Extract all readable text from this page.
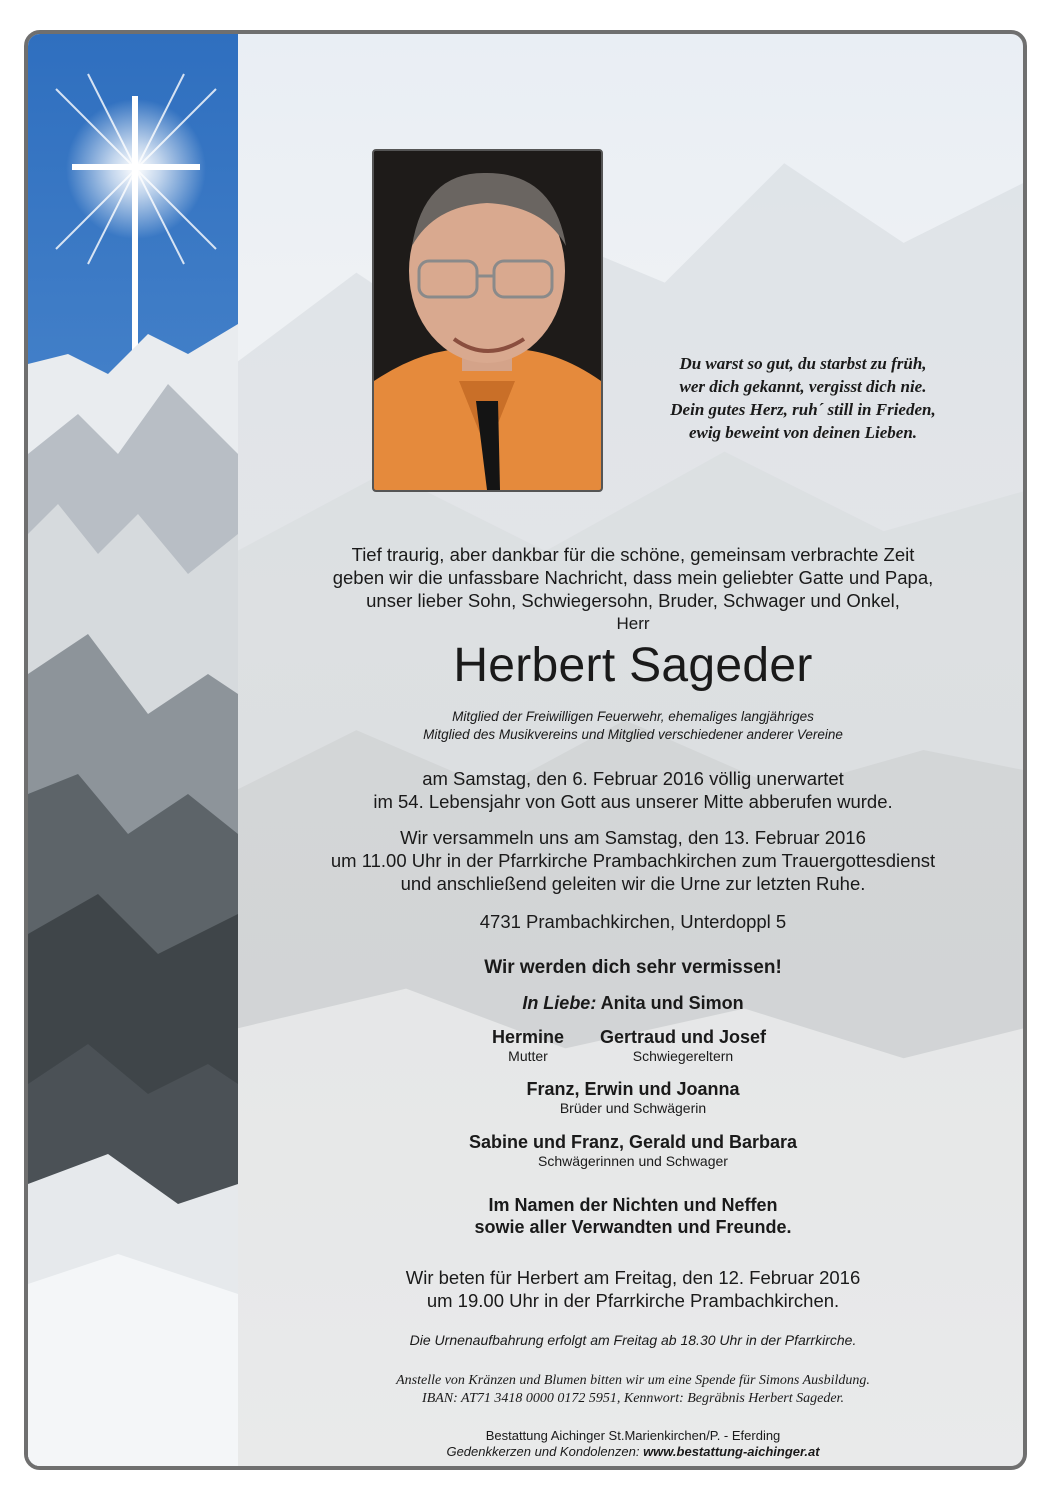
Du warst so gut, du starbst zu früh,
wer dich gekannt, vergisst dich nie.
Dein gutes Herz, ruh´ still in Frieden,
ewig beweint von deinen Lieben.
Tief traurig, aber dankbar für die schöne, gemeinsam verbrachte Zeit
geben wir die unfassbare Nachricht, dass mein geliebter Gatte und Papa,
unser lieber Sohn, Schwiegersohn, Bruder, Schwager und Onkel,
Herr
Herbert Sageder
Mitglied der Freiwilligen Feuerwehr, ehemaliges langjähriges
Mitglied des Musikvereins und Mitglied verschiedener anderer Vereine
am Samstag, den 6. Februar 2016 völlig unerwartet
im 54. Lebensjahr von Gott aus unserer Mitte abberufen wurde.
Wir versammeln uns am Samstag, den 13. Februar 2016
um 11.00 Uhr in der Pfarrkirche Prambachkirchen zum Trauergottesdienst
und anschließend geleiten wir die Urne zur letzten Ruhe.
4731 Prambachkirchen, Unterdoppl 5
Wir werden dich sehr vermissen!
In Liebe: Anita und Simon
Hermine
Mutter
Gertraud und Josef
Schwiegereltern
Franz, Erwin und Joanna
Brüder und Schwägerin
Sabine und Franz, Gerald und Barbara
Schwägerinnen und Schwager
Im Namen der Nichten und Neffen
sowie aller Verwandten und Freunde.
Wir beten für Herbert am Freitag, den 12. Februar 2016
um 19.00 Uhr in der Pfarrkirche Prambachkirchen.
Die Urnenaufbahrung erfolgt am Freitag ab 18.30 Uhr in der Pfarrkirche.
Anstelle von Kränzen und Blumen bitten wir um eine Spende für Simons Ausbildung.
IBAN: AT71 3418 0000 0172 5951, Kennwort: Begräbnis Herbert Sageder.
Bestattung Aichinger St.Marienkirchen/P. - Eferding
Gedenkkerzen und Kondolenzen: www.bestattung-aichinger.at
